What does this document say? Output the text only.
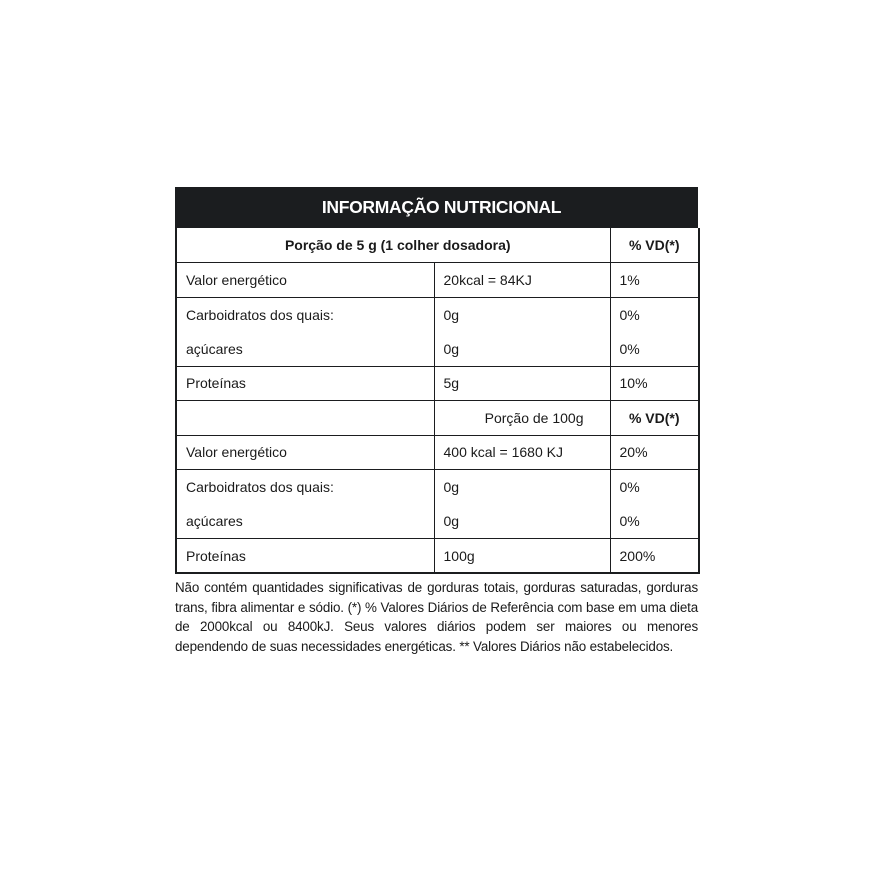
INFORMAÇÃO NUTRICIONAL
Porção de 5 g (1 colher dosadora)		% VD(*)
Valor energético	20kcal = 84KJ	1%
Carboidratos dos quais:	0g	0%
açúcares	0g	0%
Proteínas	5g	10%
	Porção de 100g	% VD(*)
Valor energético	400 kcal = 1680 KJ	20%
Carboidratos dos quais:	0g	0%
açúcares	0g	0%
Proteínas	100g	200%
Não contém quantidades significativas de gorduras totais, gorduras saturadas, gorduras trans, fibra alimentar e sódio. (*) % Valores Diários de Referência com base em uma dieta de 2000kcal ou 8400kJ. Seus valores diários podem ser maiores ou menores dependendo de suas necessidades energéticas. ** Valores Diários não estabelecidos.
